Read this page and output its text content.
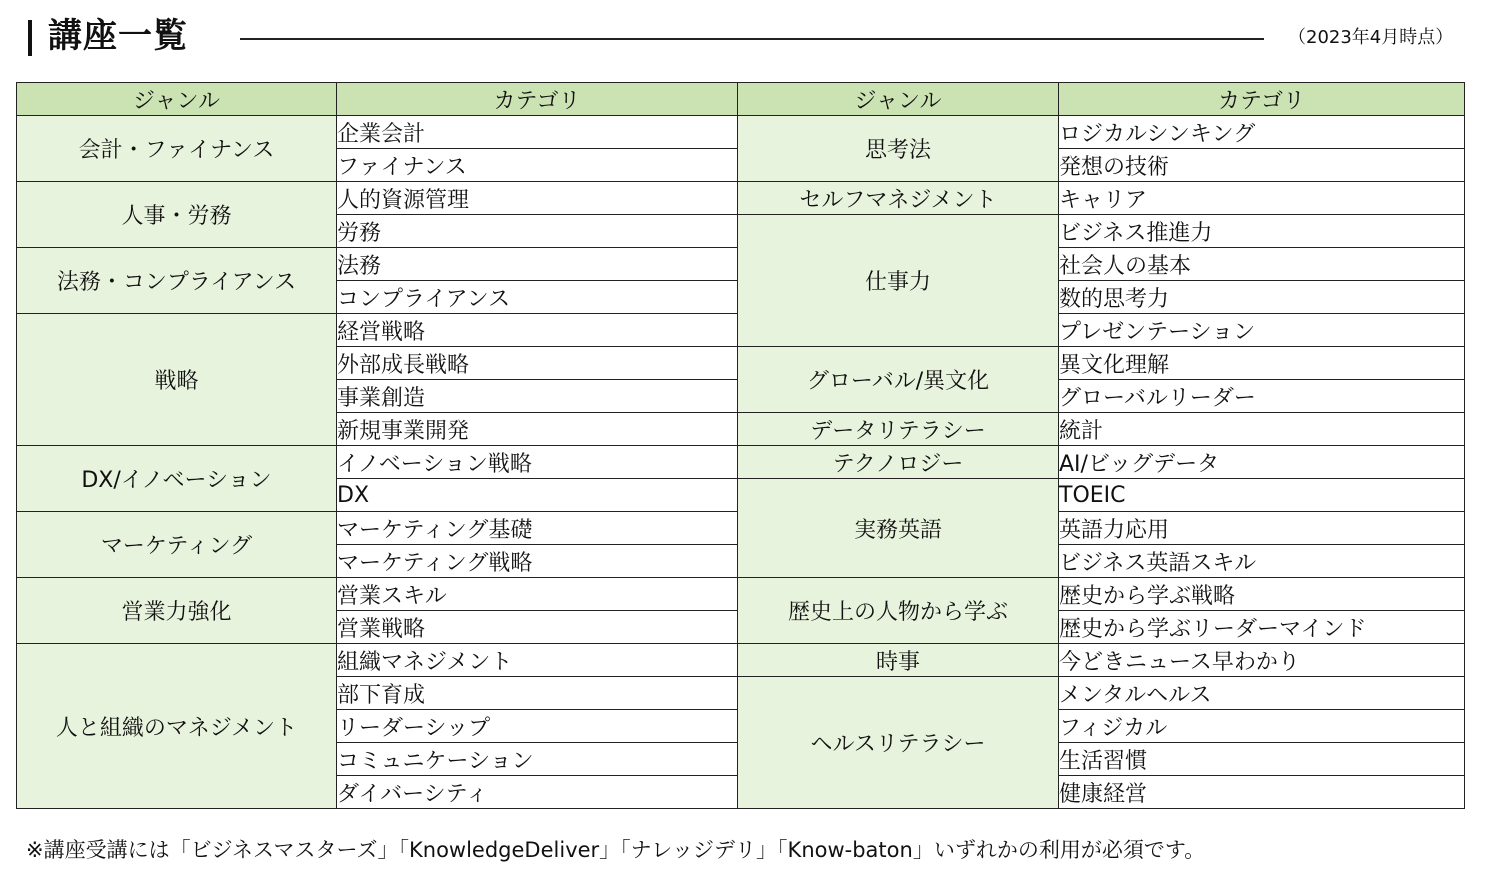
講座一覧	（2023年4月時点）
ジャンル	カテゴリ	ジャンル	カテゴリ
会計・ファイナンス	企業会計	思考法	ロジカルシンキング
	ファイナンス		発想の技術
人事・労務	人的資源管理	セルフマネジメント	キャリア
	労務	仕事力	ビジネス推進力
法務・コンプライアンス	法務		社会人の基本
	コンプライアンス		数的思考力
戦略	経営戦略		プレゼンテーション
	外部成長戦略	グローバル/異文化	異文化理解
	事業創造		グローバルリーダー
	新規事業開発	データリテラシー	統計
DX/イノベーション	イノベーション戦略	テクノロジー	AI/ビッグデータ
	DX	実務英語	TOEIC
マーケティング	マーケティング基礎		英語力応用
	マーケティング戦略		ビジネス英語スキル
営業力強化	営業スキル	歴史上の人物から学ぶ	歴史から学ぶ戦略
	営業戦略		歴史から学ぶリーダーマインド
人と組織のマネジメント	組織マネジメント	時事	今どきニュース早わかり
	部下育成	ヘルスリテラシー	メンタルヘルス
	リーダーシップ		フィジカル
	コミュニケーション		生活習慣
	ダイバーシティ		健康経営
※講座受講には「ビジネスマスターズ」「KnowledgeDeliver」「ナレッジデリ」「Know-baton」いずれかの利用が必須です。
